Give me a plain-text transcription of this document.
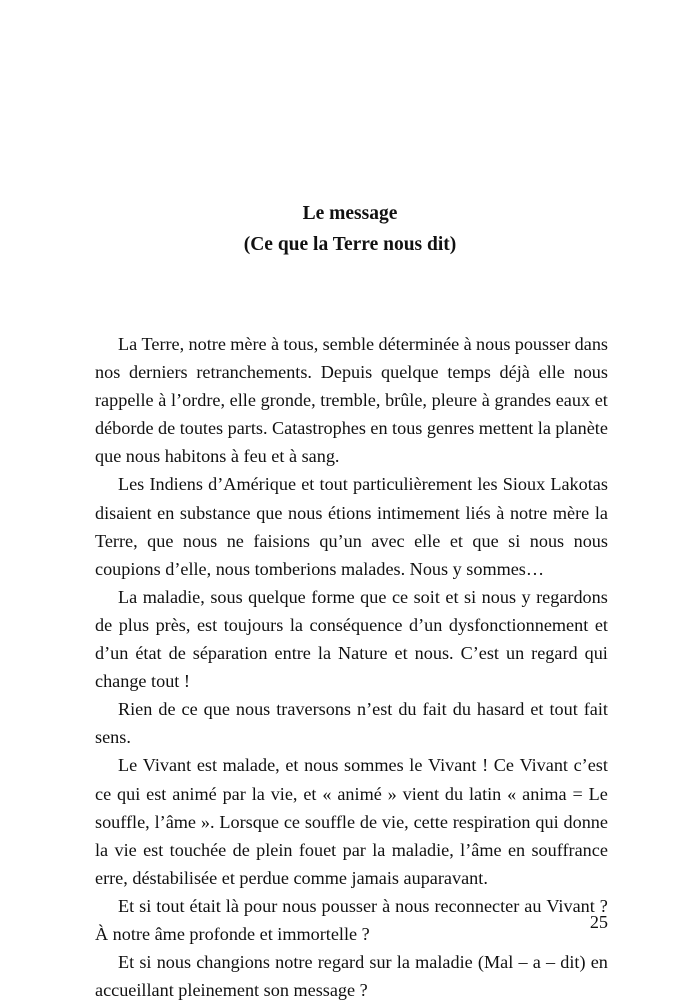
Le message
(Ce que la Terre nous dit)
La Terre, notre mère à tous, semble déterminée à nous pousser dans
nos derniers retranchements. Depuis quelque temps déjà elle nous
rappelle à l’ordre, elle gronde, tremble, brûle, pleure à grandes eaux et
déborde de toutes parts. Catastrophes en tous genres mettent la planète
que nous habitons à feu et à sang.
Les Indiens d’Amérique et tout particulièrement les Sioux Lakotas
disaient en substance que nous étions intimement liés à notre mère la
Terre, que nous ne faisions qu’un avec elle et que si nous nous
coupions d’elle, nous tomberions malades. Nous y sommes…
La maladie, sous quelque forme que ce soit et si nous y regardons
de plus près, est toujours la conséquence d’un dysfonctionnement et
d’un état de séparation entre la Nature et nous. C’est un regard qui
change tout !
Rien de ce que nous traversons n’est du fait du hasard et tout fait
sens.
Le Vivant est malade, et nous sommes le Vivant ! Ce Vivant c’est
ce qui est animé par la vie, et « animé » vient du latin « anima = Le
souffle, l’âme ». Lorsque ce souffle de vie, cette respiration qui donne
la vie est touchée de plein fouet par la maladie, l’âme en souffrance
erre, déstabilisée et perdue comme jamais auparavant.
Et si tout était là pour nous pousser à nous reconnecter au Vivant ?
À notre âme profonde et immortelle ?
Et si nous changions notre regard sur la maladie (Mal – a – dit) en
accueillant pleinement son message ?
25
